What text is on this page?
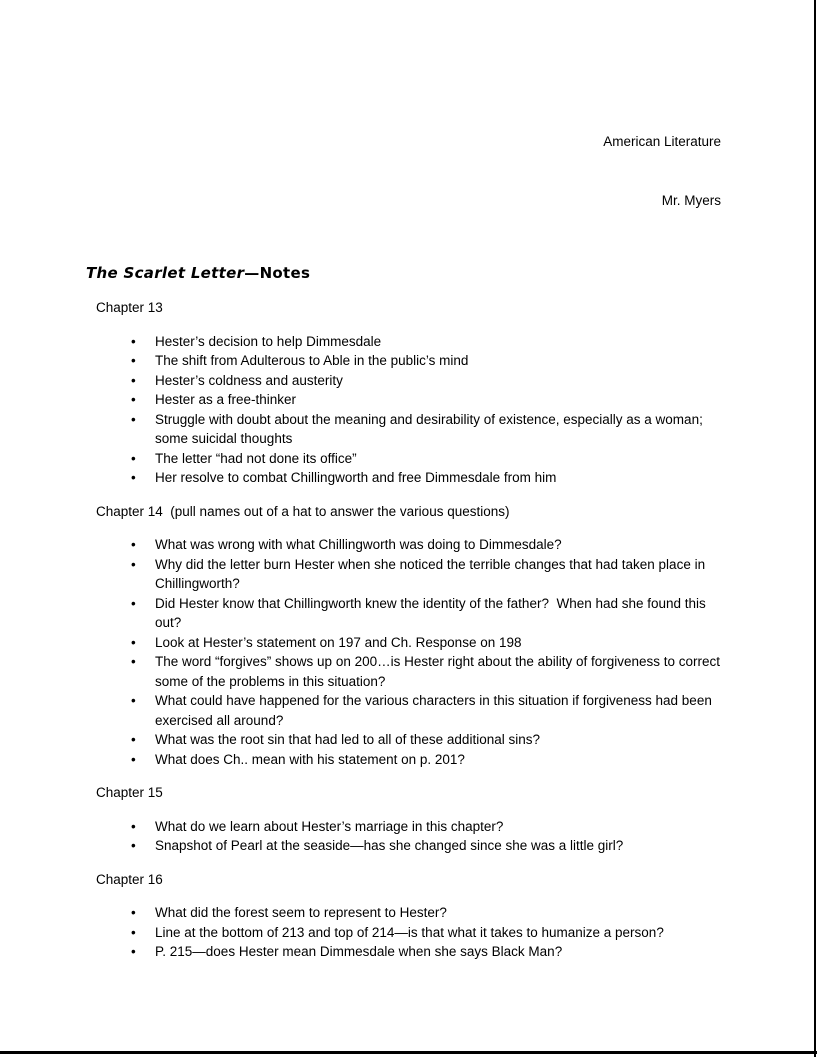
American Literature

Mr. Myers

The Scarlet Letter—Notes
Chapter 13
• Hester’s decision to help Dimmesdale
• The shift from Adulterous to Able in the public’s mind
• Hester’s coldness and austerity
• Hester as a free-thinker
• Struggle with doubt about the meaning and desirability of existence, especially as a woman; some suicidal thoughts
• The letter “had not done its office”
• Her resolve to combat Chillingworth and free Dimmesdale from him
Chapter 14  (pull names out of a hat to answer the various questions)
• What was wrong with what Chillingworth was doing to Dimmesdale?
• Why did the letter burn Hester when she noticed the terrible changes that had taken place in Chillingworth?
• Did Hester know that Chillingworth knew the identity of the father?  When had she found this out?
• Look at Hester’s statement on 197 and Ch. Response on 198
• The word “forgives” shows up on 200…is Hester right about the ability of forgiveness to correct some of the problems in this situation?
• What could have happened for the various characters in this situation if forgiveness had been exercised all around?
• What was the root sin that had led to all of these additional sins?
• What does Ch.. mean with his statement on p. 201?
Chapter 15
• What do we learn about Hester’s marriage in this chapter?
• Snapshot of Pearl at the seaside—has she changed since she was a little girl?
Chapter 16
• What did the forest seem to represent to Hester?
• Line at the bottom of 213 and top of 214—is that what it takes to humanize a person?
• P. 215—does Hester mean Dimmesdale when she says Black Man?
